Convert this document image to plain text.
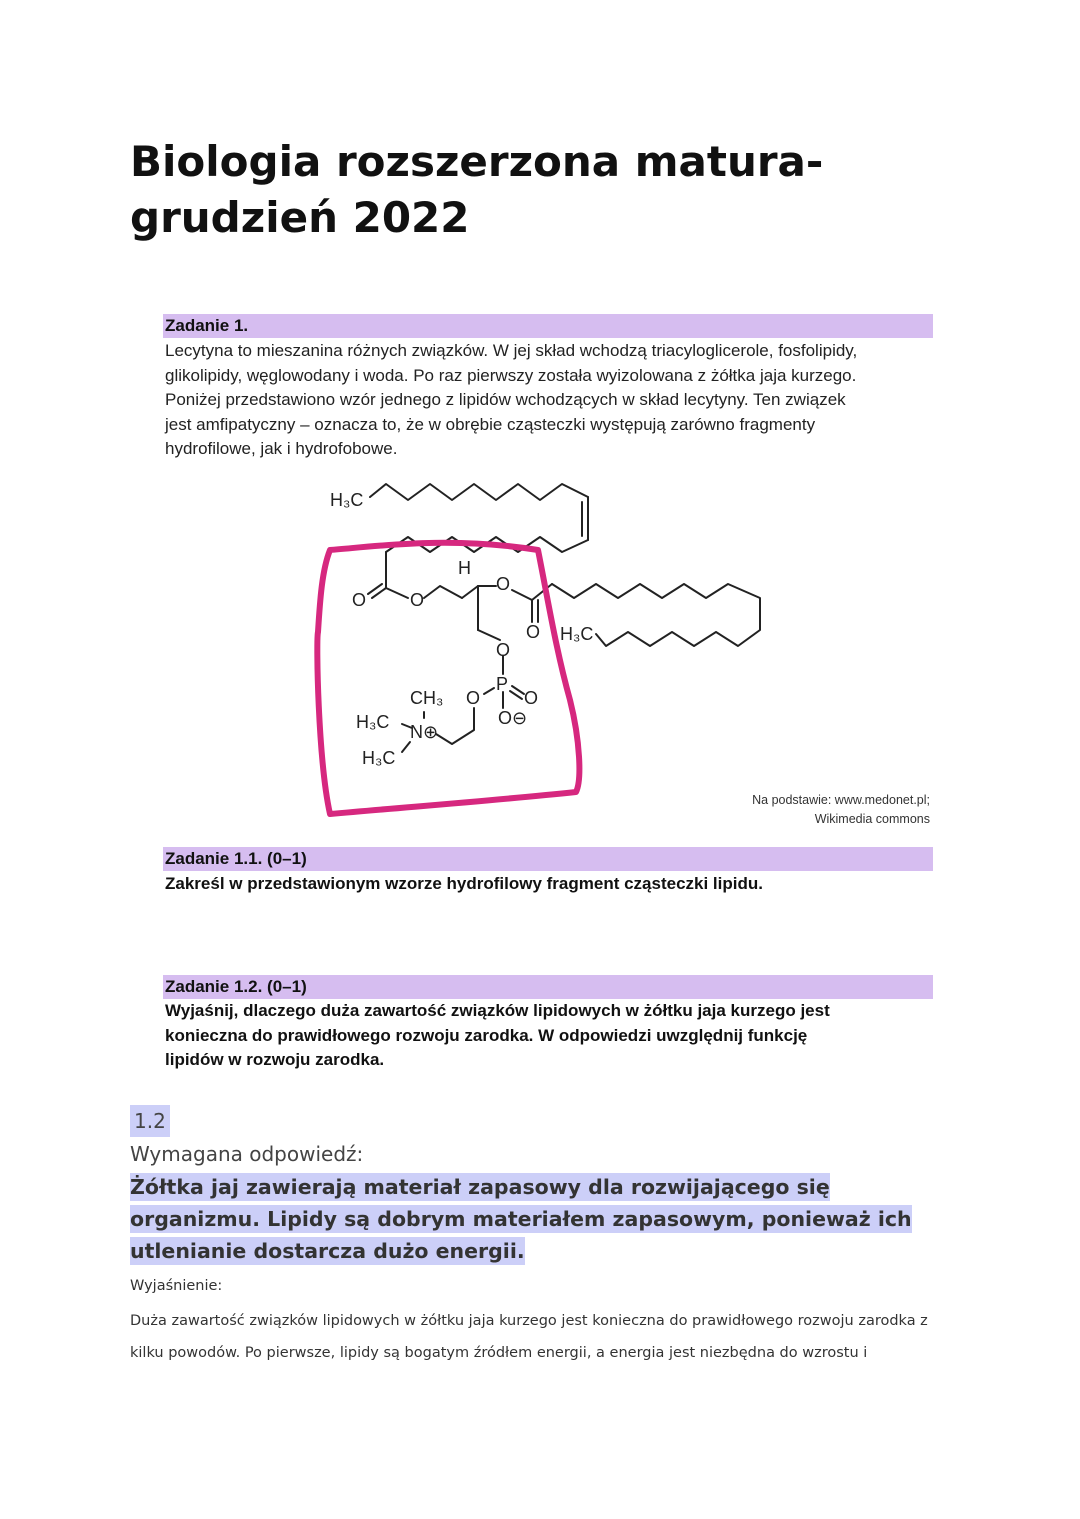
Biologia rozszerzona matura- grudzień 2022
Zadanie 1.
Lecytyna to mieszanina różnych związków. W jej skład wchodzą triacyloglicerole, fosfolipidy,
glikolipidy, węglowodany i woda. Po raz pierwszy została wyizolowana z żółtka jaja kurzego.
Poniżej przedstawiono wzór jednego z lipidów wchodzących w skład lecytyny. Ten związek
jest amfipatyczny – oznacza to, że w obrębie cząsteczki występują zarówno fragmenty
hydrofilowe, jak i hydrofobowe.
H₃C
H
O O
O
O H₃C
O
P
O
O
O⊖
CH₃
H₃C N⊕
H₃C
Na podstawie: www.medonet.pl;
Wikimedia commons
Zadanie 1.1. (0–1)
Zakreśl w przedstawionym wzorze hydrofilowy fragment cząsteczki lipidu.
Zadanie 1.2. (0–1)
Wyjaśnij, dlaczego duża zawartość związków lipidowych w żółtku jaja kurzego jest
konieczna do prawidłowego rozwoju zarodka. W odpowiedzi uwzględnij funkcję
lipidów w rozwoju zarodka.
1.2
Wymagana odpowiedź:
Żółtka jaj zawierają materiał zapasowy dla rozwijającego się organizmu. Lipidy są dobrym materiałem zapasowym, ponieważ ich utlenianie dostarcza dużo energii.
Wyjaśnienie:
Duża zawartość związków lipidowych w żółtku jaja kurzego jest konieczna do prawidłowego rozwoju zarodka z kilku powodów. Po pierwsze, lipidy są bogatym źródłem energii, a energia jest niezbędna do wzrostu i
